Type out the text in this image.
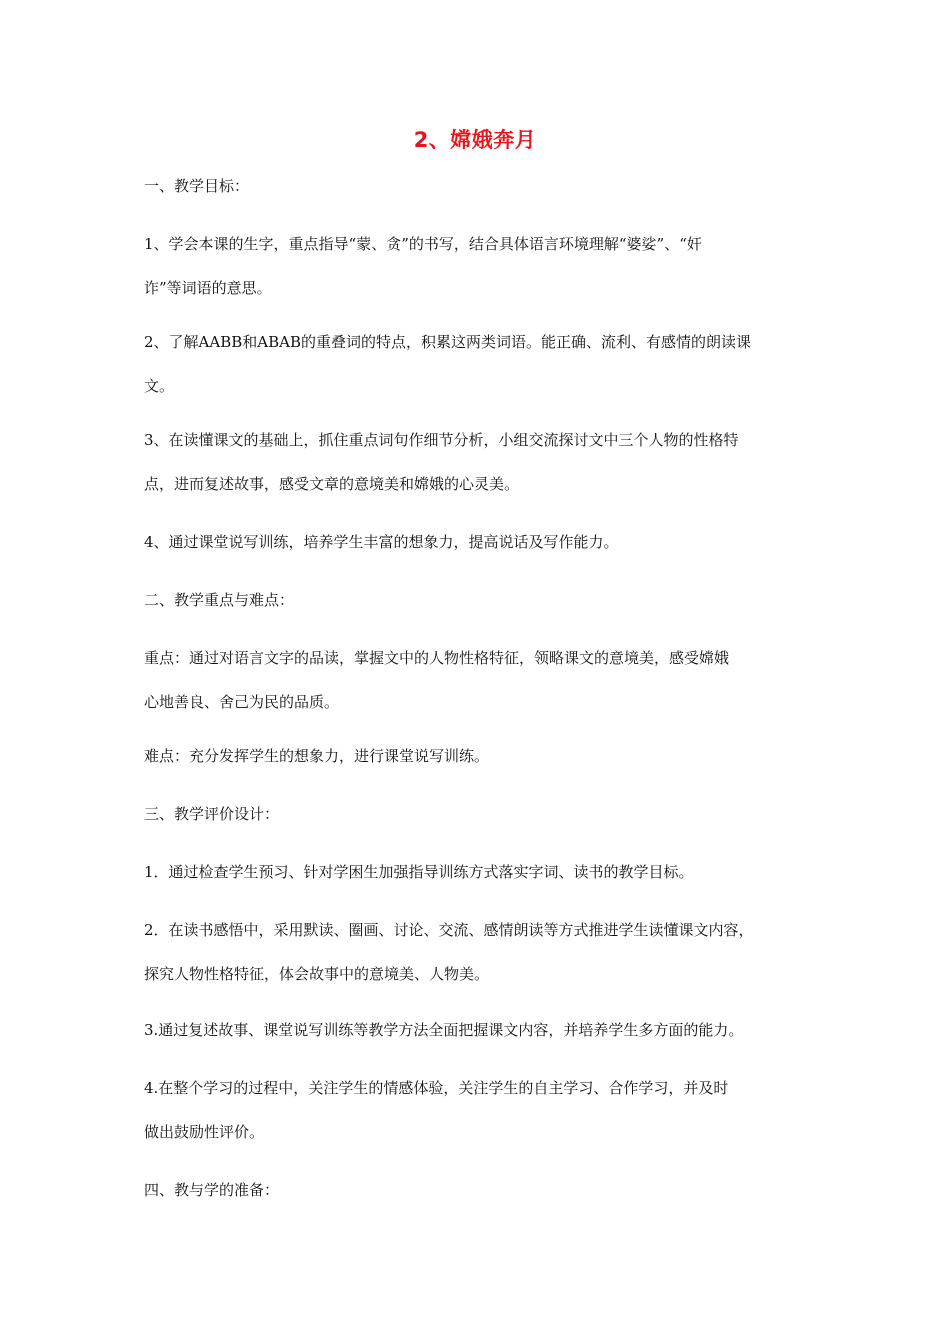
2、嫦娥奔月
一、教学目标：
1、学会本课的生字，重点指导“蒙、贪”的书写，结合具体语言环境理解“婆娑”、“奸
诈”等词语的意思。
2、了解AABB和ABAB的重叠词的特点，积累这两类词语。能正确、流利、有感情的朗读课
文。
3、在读懂课文的基础上，抓住重点词句作细节分析，小组交流探讨文中三个人物的性格特
点，进而复述故事，感受文章的意境美和嫦娥的心灵美。
4、通过课堂说写训练，培养学生丰富的想象力，提高说话及写作能力。
二、教学重点与难点：
重点：通过对语言文字的品读，掌握文中的人物性格特征，领略课文的意境美，感受嫦娥
心地善良、舍己为民的品质。
难点：充分发挥学生的想象力，进行课堂说写训练。
三、教学评价设计：
1．通过检查学生预习、针对学困生加强指导训练方式落实字词、读书的教学目标。
2．在读书感悟中，采用默读、圈画、讨论、交流、感情朗读等方式推进学生读懂课文内容，
探究人物性格特征，体会故事中的意境美、人物美。
3.通过复述故事、课堂说写训练等教学方法全面把握课文内容，并培养学生多方面的能力。
4.在整个学习的过程中，关注学生的情感体验，关注学生的自主学习、合作学习，并及时
做出鼓励性评价。
四、教与学的准备：
